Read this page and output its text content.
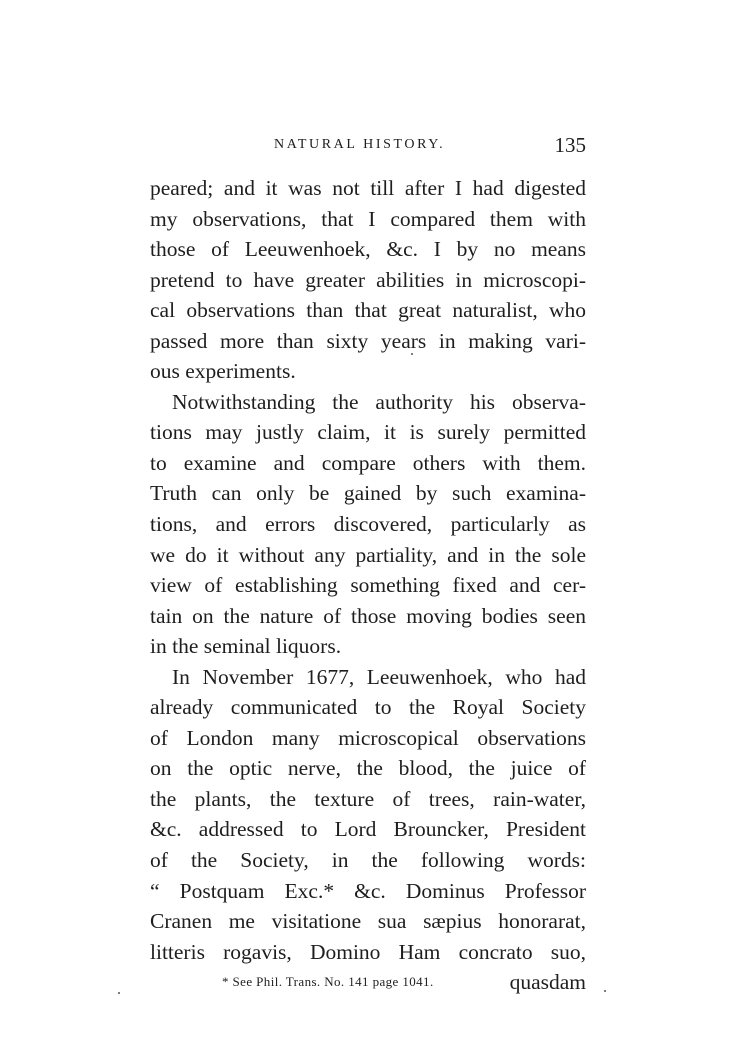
NATURAL HISTORY.	135
peared; and it was not till after I had digested
my observations, that I compared them with
those of Leeuwenhoek, &c. I by no means
pretend to have greater abilities in microscopi-
cal observations than that great naturalist, who
passed more than sixty years in making vari-
ous experiments.
Notwithstanding the authority his observa-
tions may justly claim, it is surely permitted
to examine and compare others with them.
Truth can only be gained by such examina-
tions, and errors discovered, particularly as
we do it without any partiality, and in the sole
view of establishing something fixed and cer-
tain on the nature of those moving bodies seen
in the seminal liquors.
In November 1677, Leeuwenhoek, who had
already communicated to the Royal Society
of London many microscopical observations
on the optic nerve, the blood, the juice of
the plants, the texture of trees, rain-water,
&c. addressed to Lord Brouncker, President
of the Society, in the following words:
“ Postquam Exc.* &c. Dominus Professor
Cranen me visitatione sua sæpius honorarat,
litteris rogavis, Domino Ham concrato suo,
quasdam
* See Phil. Trans. No. 141 page 1041.
